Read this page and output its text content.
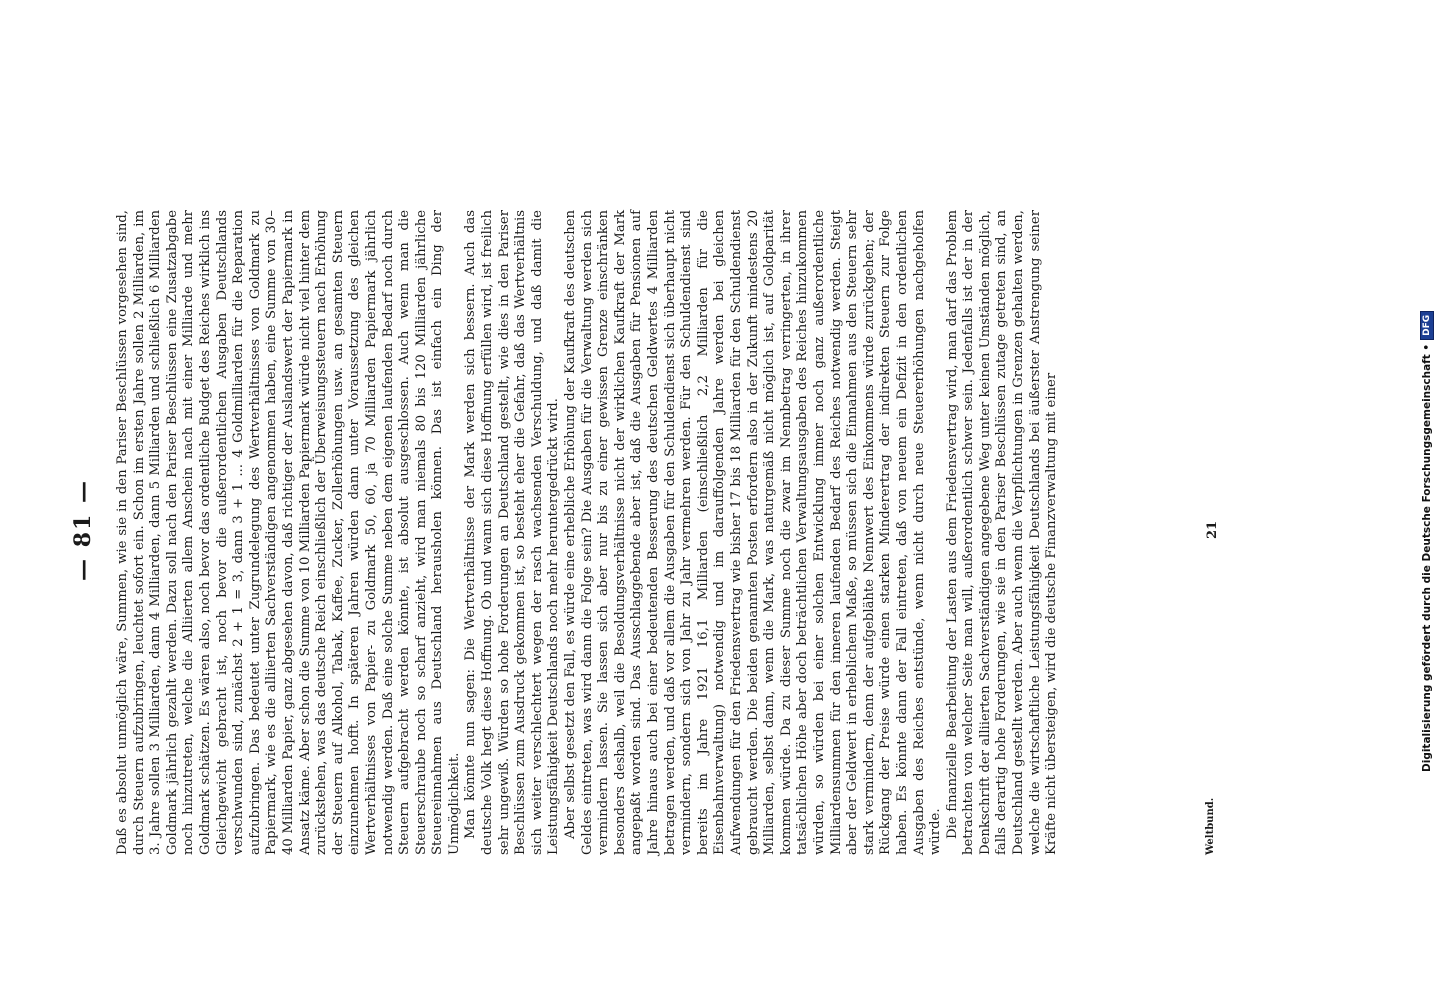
— 81 — Daß es absolut unmöglich wäre, Summen, wie sie in den Pariser Beschlüssen vorgesehen sind, durch Steuern aufzubringen, leuchtet sofort ein. Schon im ersten Jahre sollen 2 Milliarden, im 3. Jahre sollen 3 Milliarden, dann 4 Milliarden, dann 5 Milliarden und schließlich 6 Milliarden Goldmark jährlich gezahlt werden. Dazu soll nach den Pariser Beschlüssen eine Zusatzabgabe noch hinzutreten, welche die Alliierten allem Anschein nach mit einer Milliarde und mehr Goldmark schätzen. Es wären also, noch bevor das ordentliche Budget des Reiches wirklich ins Gleichgewicht gebracht ist, noch bevor die außerordentlichen Ausgaben Deutschlands verschwunden sind, zunächst 2 + 1 = 3, dann 3 + 1 ... 4 Goldmilliarden für die Reparation aufzubringen. Das bedeutet unter Zugrundelegung des Wertverhältnisses von Goldmark zu Papiermark, wie es die alliierten Sachverständigen angenommen haben, eine Summe von 30–40 Milliarden Papier, ganz abgesehen davon, daß richtiger der Auslandswert der Papiermark in Ansatz käme. Aber schon die Summe von 10 Milliarden Papiermark würde nicht viel hinter dem zurückstehen, was das deutsche Reich einschließlich der Überweisungssteuern nach Erhöhung der Steuern auf Alkohol, Tabak, Kaffee, Zucker, Zollerhöhungen usw. an gesamten Steuern einzunehmen hofft. In späteren Jahren würden dann unter Voraussetzung des gleichen Wertverhältnisses von Papier- zu Goldmark 50, 60, ja 70 Milliarden Papiermark jährlich notwendig werden. Daß eine solche Summe neben dem eigenen laufenden Bedarf noch durch Steuern aufgebracht werden könnte, ist absolut ausgeschlossen. Auch wenn man die Steuerschraube noch so scharf anzieht, wird man niemals 80 bis 120 Milliarden jährliche Steuereinnahmen aus Deutschland herausholen können. Das ist einfach ein Ding der Unmöglichkeit. Man könnte nun sagen: Die Wertverhältnisse der Mark werden sich bessern. Auch das deutsche Volk hegt diese Hoffnung. Ob und wann sich diese Hoffnung erfüllen wird, ist freilich sehr ungewiß. Würden so hohe Forderungen an Deutschland gestellt, wie dies in den Pariser Beschlüssen zum Ausdruck gekommen ist, so besteht eher die Gefahr, daß das Wertverhältnis sich weiter verschlechtert wegen der rasch wachsenden Verschuldung, und daß damit die Leistungsfähigkeit Deutschlands noch mehr heruntergedrückt wird. Aber selbst gesetzt den Fall, es würde eine erhebliche Erhöhung der Kaufkraft des deutschen Geldes eintreten, was wird dann die Folge sein? Die Ausgaben für die Verwaltung werden sich vermindern lassen. Sie lassen sich aber nur bis zu einer gewissen Grenze einschränken besonders deshalb, weil die Besoldungsverhältnisse nicht der wirklichen Kaufkraft der Mark angepaßt worden sind. Das Ausschlaggebende aber ist, daß die Ausgaben für Pensionen auf Jahre hinaus auch bei einer bedeutenden Besserung des deutschen Geldwertes 4 Milliarden betragen werden, und daß vor allem die Ausgaben für den Schuldendienst sich überhaupt nicht vermindern, sondern sich von Jahr zu Jahr vermehren werden. Für den Schuldendienst sind bereits im Jahre 1921 16,1 Milliarden (einschließlich 2,2 Milliarden für die Eisenbahnverwaltung) notwendig und im darauffolgenden Jahre werden bei gleichen Aufwendungen für den Friedensvertrag wie bisher 17 bis 18 Milliarden für den Schuldendienst gebraucht werden. Die beiden genannten Posten erfordern also in der Zukunft mindestens 20 Milliarden, selbst dann, wenn die Mark, was naturgemäß nicht möglich ist, auf Goldparität kommen würde. Da zu dieser Summe noch die zwar im Nennbetrag verringerten, in ihrer tatsächlichen Höhe aber doch beträchtlichen Verwaltungsausgaben des Reiches hinzukommen würden, so würden bei einer solchen Entwicklung immer noch ganz außerordentliche Milliardensummen für den inneren laufenden Bedarf des Reiches notwendig werden. Steigt aber der Geldwert in erheblichem Maße, so müssen sich die Einnahmen aus den Steuern sehr stark vermindern, denn der aufgeblähte Nennwert des Einkommens würde zurückgehen; der Rückgang der Preise würde einen starken Minderertrag der indirekten Steuern zur Folge haben. Es könnte dann der Fall eintreten, daß von neuem ein Defizit in den ordentlichen Ausgaben des Reiches entstünde, wenn nicht durch neue Steuererhöhungen nachgeholfen würde. Die finanzielle Bearbeitung der Lasten aus dem Friedensvertrag wird, man darf das Problem betrachten von welcher Seite man will, außerordentlich schwer sein. Jedenfalls ist der in der Denkschrift der alliierten Sachverständigen angegebene Weg unter keinen Umständen möglich, falls derartig hohe Forderungen, wie sie in den Pariser Beschlüssen zutage getreten sind, an Deutschland gestellt werden. Aber auch wenn die Verpflichtungen in Grenzen gehalten werden, welche die wirtschaftliche Leistungsfähigkeit Deutschlands bei äußerster Anstrengung seiner Kräfte nicht übersteigen, wird die deutsche Finanzverwaltung mit einer	Weltbund.
21	Digitalisierung gefördert durch die Deutsche Forschungsgemeinschaft •
DFG
